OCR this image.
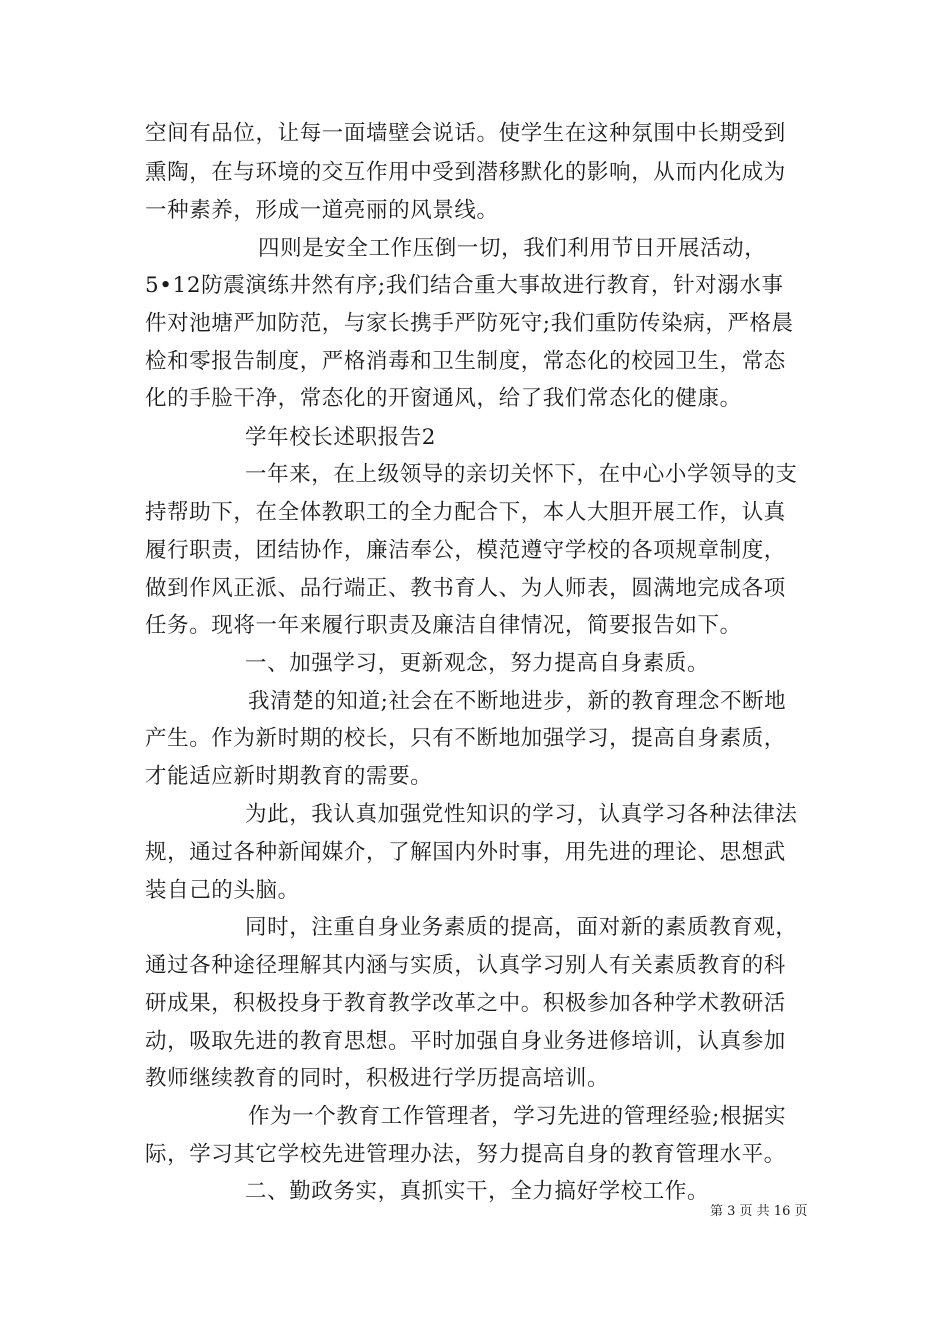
空间有品位，让每一面墙壁会说话。使学生在这种氛围中长期受到
熏陶，在与环境的交互作用中受到潜移默化的影响，从而内化成为
一种素养，形成一道亮丽的风景线。
四则是安全工作压倒一切，我们利用节日开展活动，
5•12防震演练井然有序;我们结合重大事故进行教育，针对溺水事
件对池塘严加防范，与家长携手严防死守;我们重防传染病，严格晨
检和零报告制度，严格消毒和卫生制度，常态化的校园卫生，常态
化的手脸干净，常态化的开窗通风，给了我们常态化的健康。
学年校长述职报告2
一年来，在上级领导的亲切关怀下，在中心小学领导的支
持帮助下，在全体教职工的全力配合下，本人大胆开展工作，认真
履行职责，团结协作，廉洁奉公，模范遵守学校的各项规章制度，
做到作风正派、品行端正、教书育人、为人师表，圆满地完成各项
任务。现将一年来履行职责及廉洁自律情况，简要报告如下。
一、加强学习，更新观念，努力提高自身素质。
我清楚的知道;社会在不断地进步，新的教育理念不断地
产生。作为新时期的校长，只有不断地加强学习，提高自身素质，
才能适应新时期教育的需要。
为此，我认真加强党性知识的学习，认真学习各种法律法
规，通过各种新闻媒介，了解国内外时事，用先进的理论、思想武
装自己的头脑。
同时，注重自身业务素质的提高，面对新的素质教育观，
通过各种途径理解其内涵与实质，认真学习别人有关素质教育的科
研成果，积极投身于教育教学改革之中。积极参加各种学术教研活
动，吸取先进的教育思想。平时加强自身业务进修培训，认真参加
教师继续教育的同时，积极进行学历提高培训。
作为一个教育工作管理者，学习先进的管理经验;根据实
际，学习其它学校先进管理办法，努力提高自身的教育管理水平。
二、勤政务实，真抓实干，全力搞好学校工作。
第 3 页 共 16 页
